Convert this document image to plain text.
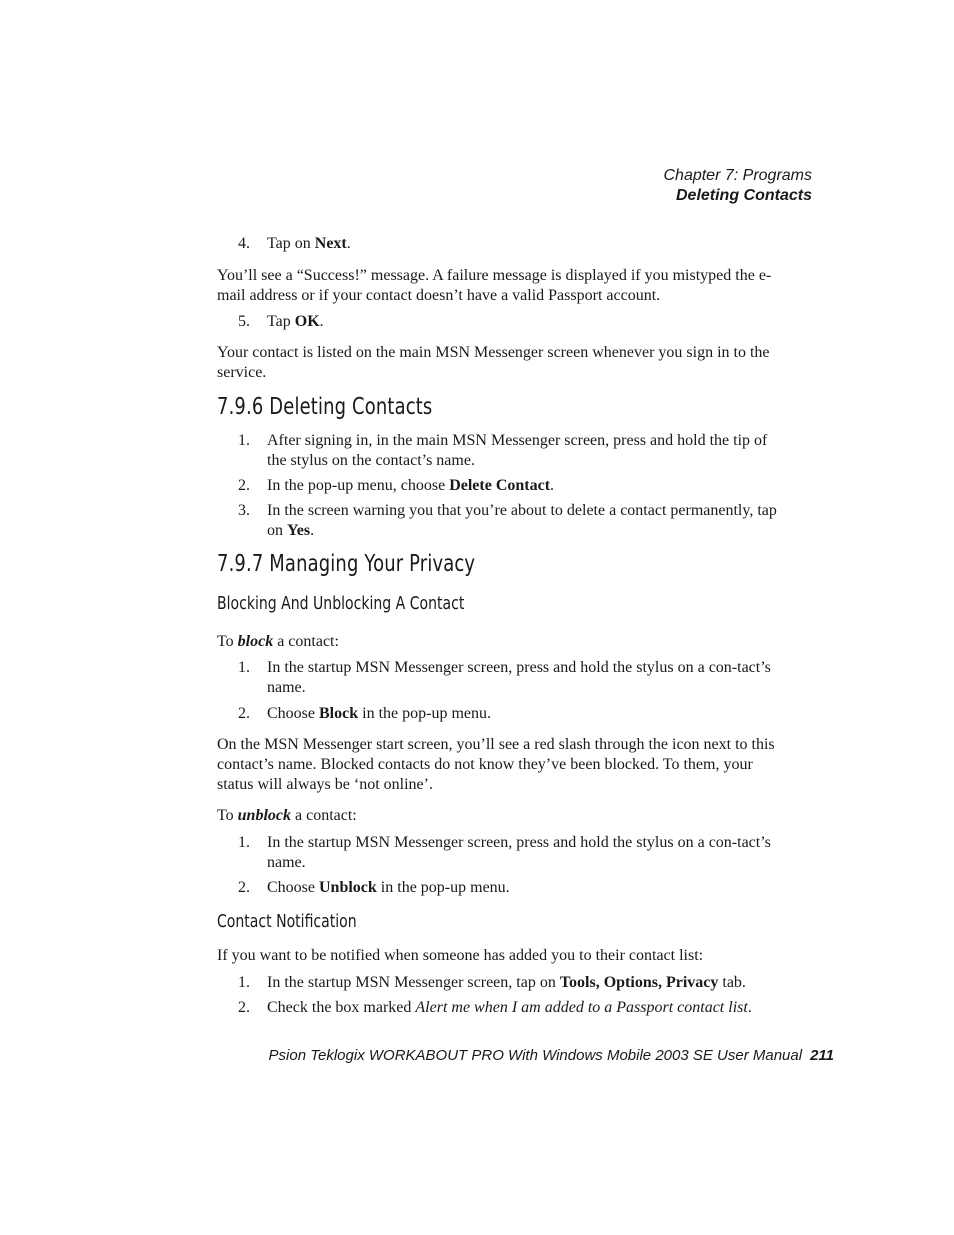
Chapter 7: Programs
Deleting Contacts
4.	Tap on Next.
You’ll see a “Success!” message. A failure message is displayed if you mistyped the e-mail address or if your contact doesn’t have a valid Passport account.
5.	Tap OK.
Your contact is listed on the main MSN Messenger screen whenever you sign in to the service.
7.9.6 Deleting Contacts
1.	After signing in, in the main MSN Messenger screen, press and hold the tip of the stylus on the contact’s name.
2.	In the pop-up menu, choose Delete Contact.
3.	In the screen warning you that you’re about to delete a contact permanently, tap on Yes.
7.9.7 Managing Your Privacy
Blocking And Unblocking A Contact
To block a contact:
1.	In the startup MSN Messenger screen, press and hold the stylus on a con-tact’s name.
2.	Choose Block in the pop-up menu.
On the MSN Messenger start screen, you’ll see a red slash through the icon next to this contact’s name. Blocked contacts do not know they’ve been blocked. To them, your status will always be ‘not online’.
To unblock a contact:
1.	In the startup MSN Messenger screen, press and hold the stylus on a con-tact’s name.
2.	Choose Unblock in the pop-up menu.
Contact Notification
If you want to be notified when someone has added you to their contact list:
1.	In the startup MSN Messenger screen, tap on Tools, Options, Privacy tab.
2.	Check the box marked Alert me when I am added to a Passport contact list.
Psion Teklogix WORKABOUT PRO With Windows Mobile 2003 SE User Manual 211
